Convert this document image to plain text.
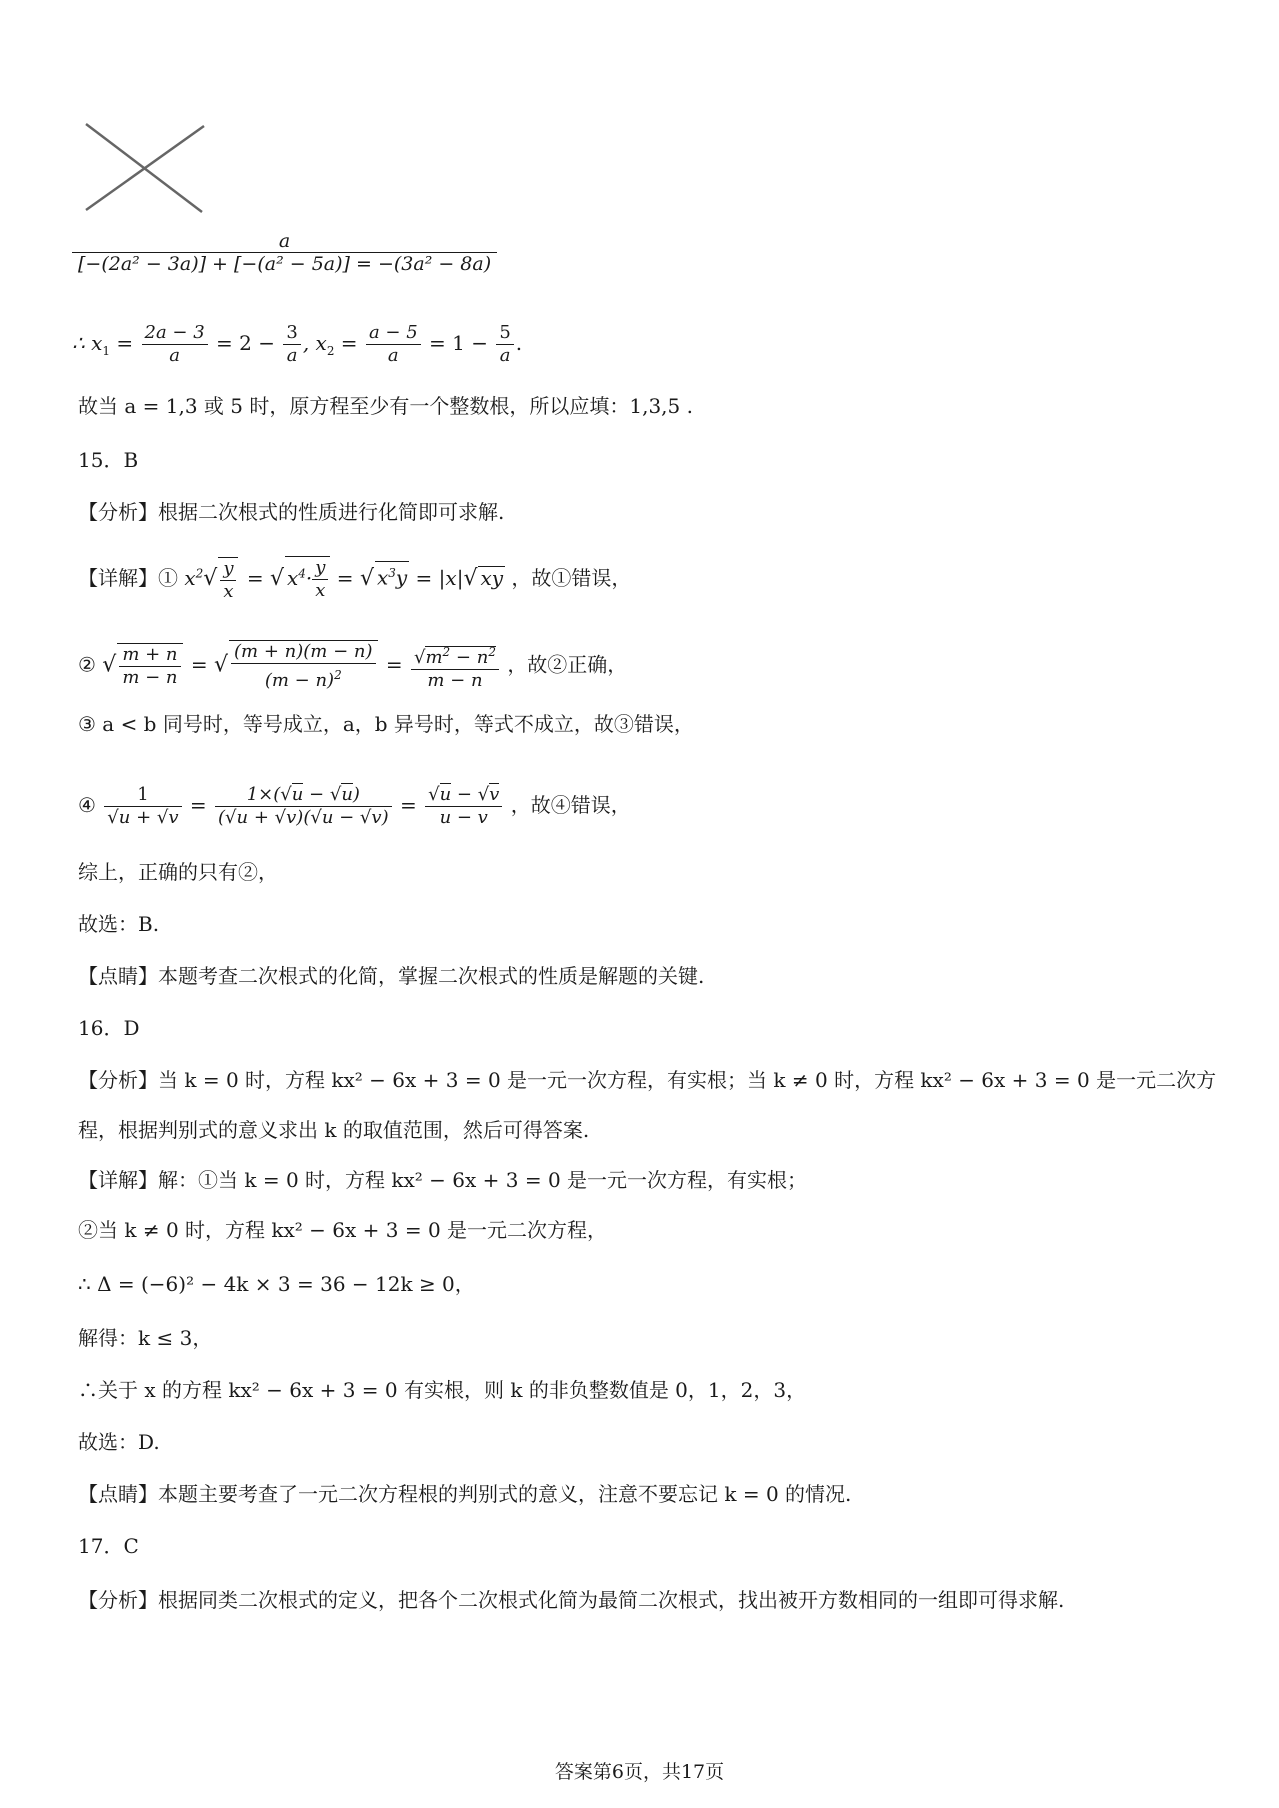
$\frac{a}{\text{[−(2a² − 3a)] + [−(a² − 5a)] = −(3a² − 8a)}}$
∴ $x_1 = \frac{2a - 3}{a} = 2 - \frac{3}{a}$ , $x_2 = \frac{a - 5}{a} = 1 - \frac{5}{a}$ .
故当 a = 1,3 或 5 时，原方程至少有一个整数根，所以应填：1,3,5 .
15．B
【分析】根据二次根式的性质进行化简即可求解.
【详解】① $x^2√ \frac{y}{x}$ = √ $x^4\cdot \frac{y}{x}$ = √ $x^3y = |x|√$ xy ，故①错误，
② √ $\frac{m + n}{m - n}$ = √ $\frac{(m + n)(m - n)}{(m - n)^2} = \frac{√m^2 - n^2}{m - n}$ ，故②正确，
③ a < b 同号时，等号成立，a，b 异号时，等式不成立，故③错误，
④ $\frac{1}{√u + √v} = \frac{1\times(√u - √u)}{(√u + √v)(√u - √v)} = \frac{√u - √v}{u - v}$ ，故④错误，
综上，正确的只有②，
故选：B.
【点睛】本题考查二次根式的化简，掌握二次根式的性质是解题的关键.
16．D
【分析】当 k = 0 时，方程 kx² − 6x + 3 = 0 是一元一次方程，有实根；当 k ≠ 0 时，方程 kx² − 6x + 3 = 0 是一元二次方
程，根据判别式的意义求出 k 的取值范围，然后可得答案.
【详解】解：①当 k = 0 时，方程 kx² − 6x + 3 = 0 是一元一次方程，有实根；
②当 k ≠ 0 时，方程 kx² − 6x + 3 = 0 是一元二次方程，
∴ Δ = (−6)² − 4k × 3 = 36 − 12k ≥ 0，
解得：k ≤ 3，
∴关于 x 的方程 kx² − 6x + 3 = 0 有实根，则 k 的非负整数值是 0，1，2，3，
故选：D.
【点睛】本题主要考查了一元二次方程根的判别式的意义，注意不要忘记 k = 0 的情况.
17．C
【分析】根据同类二次根式的定义，把各个二次根式化简为最简二次根式，找出被开方数相同的一组即可得求解.
答案第6页，共17页
